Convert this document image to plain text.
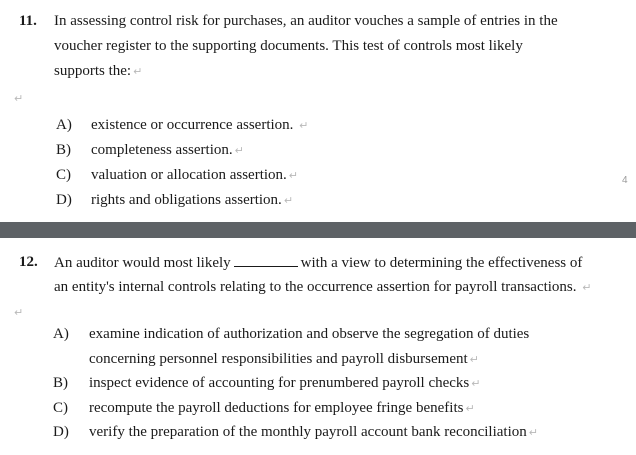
11. In assessing control risk for purchases, an auditor vouches a sample of entries in the
voucher register to the supporting documents. This test of controls most likely
supports the: ↵
↵
A) existence or occurrence assertion. ↵
B) completeness assertion. ↵
C) valuation or allocation assertion. ↵
D) rights and obligations assertion. ↵
4
12. An auditor would most likely	with a view to determining the effectiveness of
an entity's internal controls relating to the occurrence assertion for payroll transactions. ↵
↵
A) examine indication of authorization and observe the segregation of duties
concerning personnel responsibilities and payroll disbursement ↵
B) inspect evidence of accounting for prenumbered payroll checks ↵
C) recompute the payroll deductions for employee fringe benefits ↵
D) verify the preparation of the monthly payroll account bank reconciliation ↵
